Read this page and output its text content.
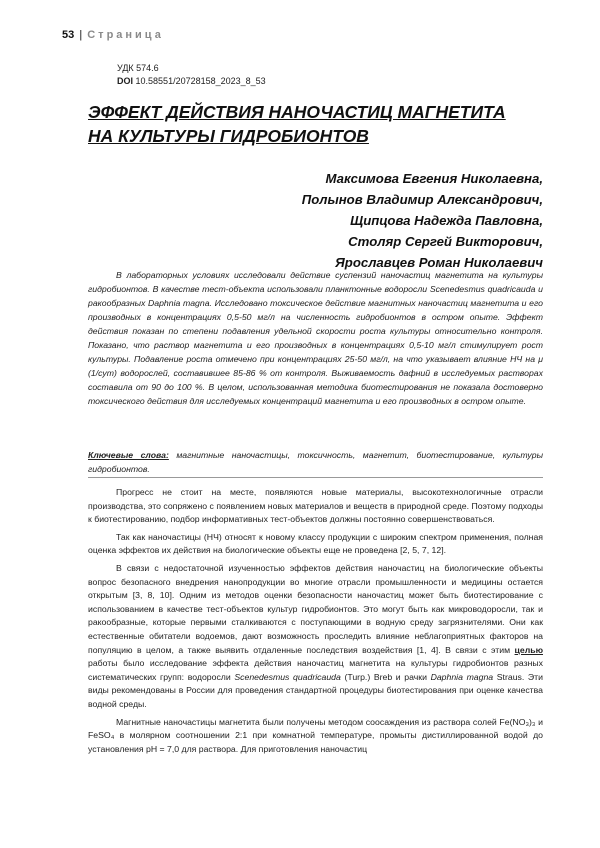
53 | Страница
УДК 574.6
DOI 10.58551/20728158_2023_8_53
ЭФФЕКТ ДЕЙСТВИЯ НАНОЧАСТИЦ МАГНЕТИТА
НА КУЛЬТУРЫ ГИДРОБИОНТОВ
Максимова Евгения Николаевна,
Полынов Владимир Александрович,
Щипцова Надежда Павловна,
Столяр Сергей Викторович,
Ярославцев Роман Николаевич

В лабораторных условиях исследовали действие суспензий наночастиц магнетита на культуры гидробионтов. В качестве тест-объекта использовали планктонные водоросли Scenedesmus quadricauda и ракообразных Daphnia magna. Исследовано токсическое действие магнитных наночастиц магнетита и его производных в концентрациях 0,5-50 мг/л на численность гидробионтов в остром опыте. Эффект действия показан по степени подавления удельной скорости роста культуры относительно контроля. Показано, что раствор магнетита и его производных в концентрациях 0,5-10 мг/л стимулирует рост культуры. Подавление роста отмечено при концентрациях 25-50 мг/л, на что указывает влияние НЧ на μ (1/сут) водорослей, составившее 85-86 % от контроля. Выживаемость дафний в исследуемых растворах составила от 90 до 100 %. В целом, использованная методика биотестирования не показала достоверно токсического действия для исследуемых концентраций магнетита и его производных в остром опыте.

Ключевые слова: магнитные наночастицы, токсичность, магнетит, биотестирование, культуры гидробионтов.

Прогресс не стоит на месте, появляются новые материалы, высокотехнологичные отрасли производства, это сопряжено с появлением новых материалов и веществ в природной среде. Поэтому подходы к биотестированию, подбор информативных тест-объектов должны постоянно совершенствоваться.

Так как наночастицы (НЧ) относят к новому классу продукции с широким спектром применения, полная оценка эффектов их действия на биологические объекты еще не проведена [2, 5, 7, 12].

В связи с недостаточной изученностью эффектов действия наночастиц на биологические объекты вопрос безопасного внедрения нанопродукции во многие отрасли промышленности и медицины остается открытым [3, 8, 10]. Одним из методов оценки безопасности наночастиц может быть биотестирование с использованием в качестве тест-объектов культур гидробионтов. Это могут быть как микроводоросли, так и ракообразные, которые первыми сталкиваются с поступающими в водную среду загрязнителями. Они как естественные обитатели водоемов, дают возможность проследить влияние неблагоприятных факторов на популяцию в целом, а также выявить отдаленные последствия воздействия [1, 4]. В связи с этим целью работы было исследование эффекта действия наночастиц магнетита на культуры гидробионтов разных систематических групп: водоросли Scenedesmus quadricauda (Turp.) Breb и рачки Daphnia magna Straus. Эти виды рекомендованы в России для проведения стандартной процедуры биотестирования при оценке качества водной среды.

Магнитные наночастицы магнетита были получены методом соосаждения из раствора солей Fe(NO₃)₃ и FeSO₄ в молярном соотношении 2:1 при комнатной температуре, промыты дистиллированной водой до установления pH = 7,0 для раствора. Для приготовления наночастиц
